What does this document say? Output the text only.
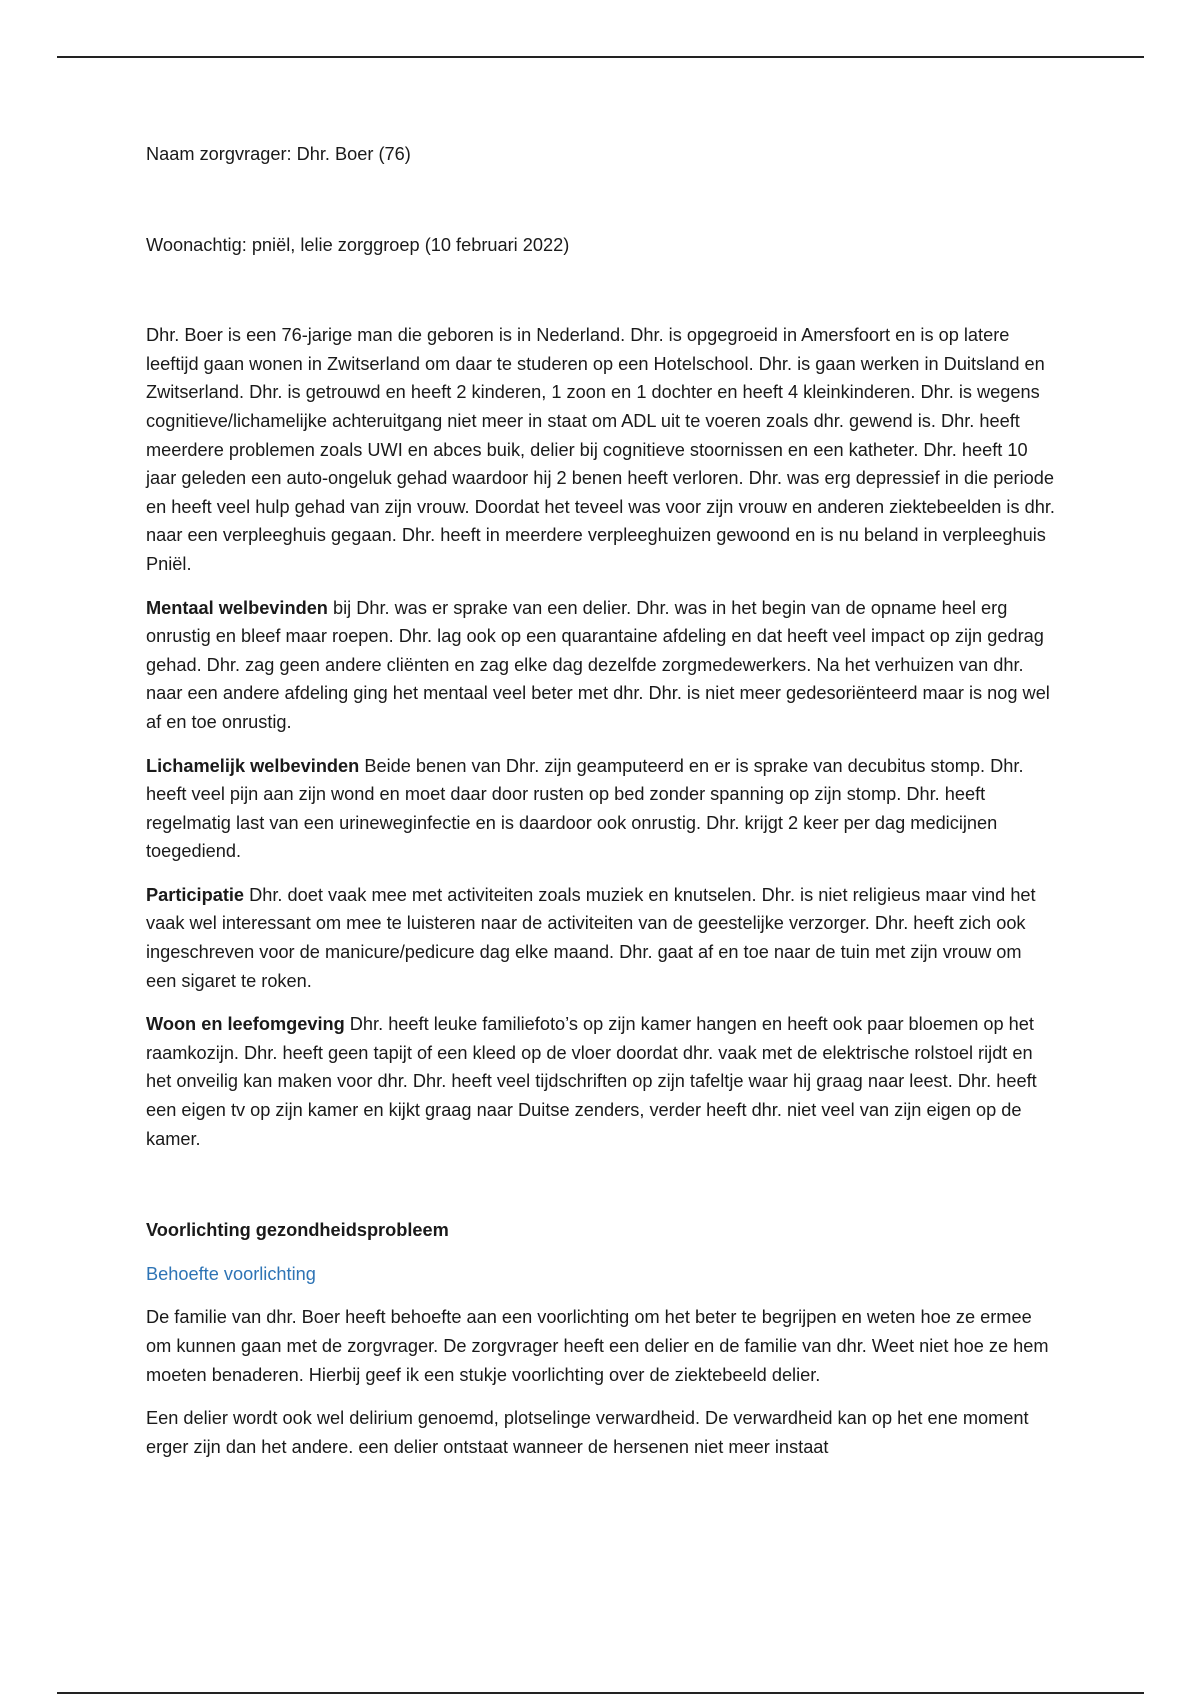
Naam zorgvrager: Dhr. Boer (76)

Woonachtig: pniël, lelie zorggroep (10 februari 2022)

Dhr. Boer is een 76-jarige man die geboren is in Nederland. Dhr. is opgegroeid in Amersfoort en is op latere leeftijd gaan wonen in Zwitserland om daar te studeren op een Hotelschool. Dhr. is gaan werken in Duitsland en Zwitserland. Dhr. is getrouwd en heeft 2 kinderen, 1 zoon en 1 dochter en heeft 4 kleinkinderen. Dhr. is wegens cognitieve/lichamelijke achteruitgang niet meer in staat om ADL uit te voeren zoals dhr. gewend is. Dhr. heeft meerdere problemen zoals UWI en abces buik, delier bij cognitieve stoornissen en een katheter. Dhr. heeft 10 jaar geleden een auto-ongeluk gehad waardoor hij 2 benen heeft verloren. Dhr. was erg depressief in die periode en heeft veel hulp gehad van zijn vrouw. Doordat het teveel was voor zijn vrouw en anderen ziektebeelden is dhr. naar een verpleeghuis gegaan. Dhr. heeft in meerdere verpleeghuizen gewoond en is nu beland in verpleeghuis Pniël.

Mentaal welbevinden bij Dhr. was er sprake van een delier. Dhr. was in het begin van de opname heel erg onrustig en bleef maar roepen. Dhr. lag ook op een quarantaine afdeling en dat heeft veel impact op zijn gedrag gehad. Dhr. zag geen andere cliënten en zag elke dag dezelfde zorgmedewerkers. Na het verhuizen van dhr. naar een andere afdeling ging het mentaal veel beter met dhr. Dhr. is niet meer gedesoriënteerd maar is nog wel af en toe onrustig.

Lichamelijk welbevinden Beide benen van Dhr. zijn geamputeerd en er is sprake van decubitus stomp. Dhr. heeft veel pijn aan zijn wond en moet daar door rusten op bed zonder spanning op zijn stomp. Dhr. heeft regelmatig last van een urineweginfectie en is daardoor ook onrustig. Dhr. krijgt 2 keer per dag medicijnen toegediend.

Participatie Dhr. doet vaak mee met activiteiten zoals muziek en knutselen. Dhr. is niet religieus maar vind het vaak wel interessant om mee te luisteren naar de activiteiten van de geestelijke verzorger. Dhr. heeft zich ook ingeschreven voor de manicure/pedicure dag elke maand. Dhr. gaat af en toe naar de tuin met zijn vrouw om een sigaret te roken.

Woon en leefomgeving Dhr. heeft leuke familiefoto’s op zijn kamer hangen en heeft ook paar bloemen op het raamkozijn. Dhr. heeft geen tapijt of een kleed op de vloer doordat dhr. vaak met de elektrische rolstoel rijdt en het onveilig kan maken voor dhr. Dhr. heeft veel tijdschriften op zijn tafeltje waar hij graag naar leest. Dhr. heeft een eigen tv op zijn kamer en kijkt graag naar Duitse zenders, verder heeft dhr. niet veel van zijn eigen op de kamer.

Voorlichting gezondheidsprobleem

Behoefte voorlichting

De familie van dhr. Boer heeft behoefte aan een voorlichting om het beter te begrijpen en weten hoe ze ermee om kunnen gaan met de zorgvrager. De zorgvrager heeft een delier en de familie van dhr. Weet niet hoe ze hem moeten benaderen. Hierbij geef ik een stukje voorlichting over de ziektebeeld delier.

Een delier wordt ook wel delirium genoemd, plotselinge verwardheid. De verwardheid kan op het ene moment erger zijn dan het andere. een delier ontstaat wanneer de hersenen niet meer instaat
